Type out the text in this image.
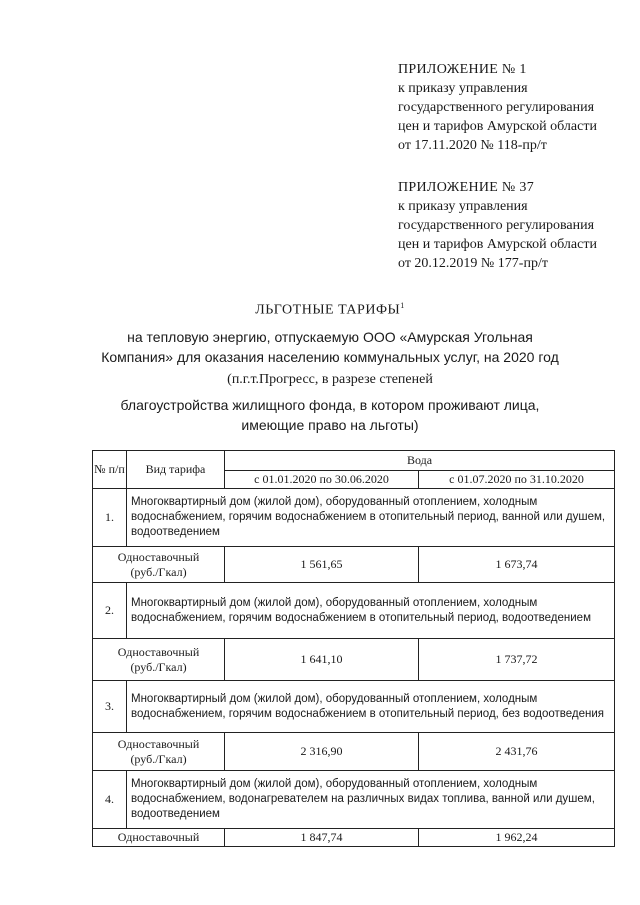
ПРИЛОЖЕНИЕ № 1
к приказу управления
государственного регулирования
цен и тарифов Амурской области
от 17.11.2020 № 118-пр/т
ПРИЛОЖЕНИЕ № 37
к приказу управления
государственного регулирования
цен и тарифов Амурской области
от 20.12.2019 № 177-пр/т
ЛЬГОТНЫЕ ТАРИФЫ$^1$
на тепловую энергию, отпускаемую ООО «Амурская Угольная
Компания» для оказания населению коммунальных услуг, на 2020 год
(п.г.т.Прогресс, в разрезе степеней
благоустройства жилищного фонда, в котором проживают лица,
имеющие право на льготы)
№ п/п	Вид тарифа	Вода	
		с 01.01.2020 по 30.06.2020	с 01.07.2020 по 31.10.2020
1.	Многоквартирный дом (жилой дом), оборудованный отоплением, холодным водоснабжением, горячим водоснабжением в отопительный период, ванной или душем, водоотведением		

Одноставочный
(руб./Гкал)		1 561,65	1 673,74
2.	Многоквартирный дом (жилой дом), оборудованный отоплением, холодным водоснабжением, горячим водоснабжением в отопительный период, водоотведением		

Одноставочный
(руб./Гкал)		1 641,10	1 737,72
3.	Многоквартирный дом (жилой дом), оборудованный отоплением, холодным водоснабжением, горячим водоснабжением в отопительный период, без водоотведения		

Одноставочный
(руб./Гкал)		2 316,90	2 431,76
4.	Многоквартирный дом (жилой дом), оборудованный отоплением, холодным водоснабжением, водонагревателем на различных видах топлива, ванной или душем, водоотведением		

Одноставочный		1 847,74	1 962,24
